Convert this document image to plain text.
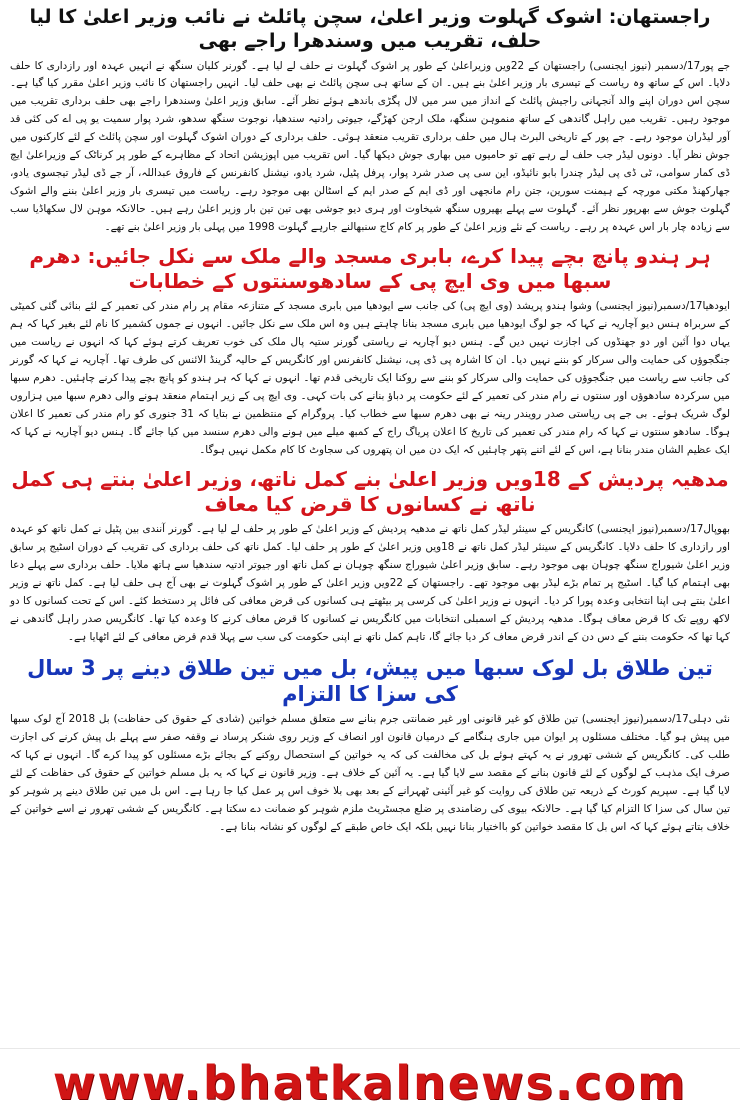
راجستھان: اشوک گہلوت وزیر اعلیٰ، سچن پائلٹ نے نائب وزیر اعلیٰ کا لیا حلف، تقریب میں وسندھرا راجے بھی

جے پور17/دسمبر (نیوز ایجنسی) راجستھان کے 22ویں وزیراعلیٰ کے طور پر اشوک گہلوت نے حلف لے لیا ہے۔ گورنر کلیان سنگھ نے انہیں عہدہ اور رازداری کا حلف دلایا۔ اس کے ساتھ وہ ریاست کے تیسری بار وزیر اعلیٰ بنے ہیں۔ ان کے ساتھ ہی سچن پائلٹ نے بھی حلف لیا۔ انہیں راجستھان کا نائب وزیر اعلیٰ مقرر کیا گیا ہے۔ سچن اس دوران اپنے والد آنجہانی راجیش پائلٹ کے انداز میں سر میں لال پگڑی باندھے ہوئے نظر آئے۔ سابق وزیر اعلیٰ وسندھرا راجے بھی حلف برداری تقریب میں موجود رہیں۔ تقریب میں راہل گاندھی کے ساتھ منموہن سنگھ، ملک ارجن کھڑگے، جیوتی رادتیہ سندھیا، نوجوت سنگھ سدھو، شرد پوار سمیت یو پی اے کی کئی قد آور لیڈران موجود رہے۔ جے پور کے تاریخی البرٹ ہال میں حلف برداری تقریب منعقد ہوئی۔ حلف برداری کے دوران اشوک گہلوت اور سچن پائلٹ کے لئے کارکنوں میں جوش نظر آیا۔ دونوں لیڈر جب حلف لے رہے تھے تو حامیوں میں بھاری جوش دیکھا گیا۔ اس تقریب میں اپوزیشن اتحاد کے مظاہرے کے طور پر کرناٹک کے وزیراعلیٰ ایچ ڈی کمار سوامی، ٹی ڈی پی لیڈر چندرا بابو نائیڈو، این سی پی صدر شرد پوار، پرفل پٹیل، شرد یادو، نیشنل کانفرنس کے فاروق عبداللہ، آر جے ڈی لیڈر تیجسوی یادو، جھارکھنڈ مکتی مورچہ کے ہیمنت سورین، جتن رام مانجھی اور ڈی ایم کے صدر ایم کے اسٹالن بھی موجود رہے۔ ریاست میں تیسری بار وزیر اعلیٰ بننے والے اشوک گہلوت جوش سے بھرپور نظر آئے۔ گہلوت سے پہلے بھیروں سنگھ شیخاوت اور ہری دیو جوشی بھی تین تین بار وزیر اعلیٰ رہے ہیں۔ حالانکہ موہن لال سکھاڈیا سب سے زیادہ چار بار اس عہدہ پر رہے۔ ریاست کے نئے وزیر اعلیٰ کے طور پر کام کاج سنبھالنے جارہے گہلوت 1998 میں پہلی بار وزیر اعلیٰ بنے تھے۔

ہر ہندو پانچ بچے پیدا کرے، بابری مسجد والے ملک سے نکل جائیں: دھرم سبھا میں وی ایچ پی کے سادھوسنتوں کے خطابات

ایودھیا17/دسمبر(نیوز ایجنسی) وشوا ہندو پریشد (وی ایچ پی) کی جانب سے ایودھیا میں بابری مسجد کے متنازعہ مقام پر رام مندر کی تعمیر کے لئے بنائی گئی کمیٹی کے سربراہ ہنس دیو آچاریہ نے کہا کہ جو لوگ ایودھیا میں بابری مسجد بنانا چاہتے ہیں وہ اس ملک سے نکل جائیں۔ انہوں نے جموں کشمیر کا نام لئے بغیر کہا کہ ہم یہاں دوا آئین اور دو جھنڈوں کی اجازت نہیں دیں گے۔ ہنس دیو آچاریہ نے ریاستی گورنر ستیہ پال ملک کی خوب تعریف کرتے ہوئے کہا کہ انہوں نے ریاست میں جنگجوؤں کی حمایت والی سرکار کو بننے نہیں دیا۔ ان کا اشارہ پی ڈی پی، نیشنل کانفرنس اور کانگریس کے حالیہ گرینڈ الائنس کی طرف تھا۔ آچاریہ نے کہا کہ گورنر کی جانب سے ریاست میں جنگجوؤں کی حمایت والی سرکار کو بننے سے روکنا ایک تاریخی قدم تھا۔ انہوں نے کہا کہ ہر ہندو کو پانچ بچے پیدا کرنے چاہئیں۔ دھرم سبھا میں سرکردہ سادھوؤں اور سنتوں نے رام مندر کی تعمیر کے لئے حکومت پر دباؤ بنانے کی بات کہی۔ وی ایچ پی کے زیر اہتمام منعقد ہونے والی دھرم سبھا میں ہزاروں لوگ شریک ہوئے۔ بی جے پی ریاستی صدر رویندر رینہ نے بھی دھرم سبھا سے خطاب کیا۔ پروگرام کے منتظمین نے بتایا کہ 31 جنوری کو رام مندر کی تعمیر کا اعلان ہوگا۔ سادھو سنتوں نے کہا کہ رام مندر کی تعمیر کی تاریخ کا اعلان پریاگ راج کے کمبھ میلے میں ہونے والی دھرم سنسد میں کیا جائے گا۔ ہنس دیو آچاریہ نے کہا کہ ایک عظیم الشان مندر بنانا ہے، اس کے لئے اتنے پتھر چاہئیں کہ ایک دن میں ان پتھروں کی سجاوٹ کا کام مکمل نہیں ہوگا۔

مدھیہ پردیش کے 18ویں وزیر اعلیٰ بنے کمل ناتھ، وزیر اعلیٰ بنتے ہی کمل ناتھ نے کسانوں کا قرض کیا معاف

بھوپال17/دسمبر(نیوز ایجنسی) کانگریس کے سینئر لیڈر کمل ناتھ نے مدھیہ پردیش کے وزیر اعلیٰ کے طور پر حلف لے لیا ہے۔ گورنر آنندی بین پٹیل نے کمل ناتھ کو عہدہ اور رازداری کا حلف دلایا۔ کانگریس کے سینئر لیڈر کمل ناتھ نے 18ویں وزیر اعلیٰ کے طور پر حلف لیا۔ کمل ناتھ کی حلف برداری کی تقریب کے دوران اسٹیج پر سابق وزیر اعلیٰ شیوراج سنگھ چوہان بھی موجود رہے۔ سابق وزیر اعلیٰ شیوراج سنگھ چوہان نے کمل ناتھ اور جیوتر ادتیہ سندھیا سے ہاتھ ملایا۔ حلف برداری سے پہلے دعا بھی اہتمام کیا گیا۔ اسٹیج پر تمام بڑے لیڈر بھی موجود تھے۔ راجستھان کے 22ویں وزیر اعلیٰ کے طور پر اشوک گہلوت نے بھی آج ہی حلف لیا ہے۔ کمل ناتھ نے وزیر اعلیٰ بنتے ہی اپنا انتخابی وعدہ پورا کر دیا۔ انہوں نے وزیر اعلیٰ کی کرسی پر بیٹھتے ہی کسانوں کی قرض معافی کی فائل پر دستخط کئے۔ اس کے تحت کسانوں کا دو لاکھ روپے تک کا قرض معاف ہوگا۔ مدھیہ پردیش کے اسمبلی انتخابات میں کانگریس نے کسانوں کا قرض معاف کرنے کا وعدہ کیا تھا۔ کانگریس صدر راہل گاندھی نے کہا تھا کہ حکومت بننے کے دس دن کے اندر قرض معاف کر دیا جائے گا، تاہم کمل ناتھ نے اپنی حکومت کی سب سے پہلا قدم قرض معافی کے لئے اٹھایا ہے۔

تین طلاق بل لوک سبھا میں پیش، بل میں تین طلاق دینے پر 3 سال کی سزا کا التزام

نئی دہلی17/دسمبر(نیوز ایجنسی) تین طلاق کو غیر قانونی اور غیر ضمانتی جرم بنانے سے متعلق مسلم خواتین (شادی کے حقوق کی حفاظت) بل 2018 آج لوک سبھا میں پیش ہو گیا۔ مختلف مسئلوں پر ایوان میں جاری ہنگامے کے درمیان قانون اور انصاف کے وزیر روی شنکر پرساد نے وقفہ صفر سے پہلے بل پیش کرنے کی اجازت طلب کی۔ کانگریس کے ششی تھرور نے یہ کہتے ہوئے بل کی مخالفت کی کہ یہ خواتین کے استحصال روکنے کے بجائے بڑے مسئلوں کو پیدا کرے گا۔ انہوں نے کہا کہ صرف ایک مذہب کے لوگوں کے لئے قانون بنانے کے مقصد سے لایا گیا ہے۔ یہ آئین کے خلاف ہے۔ وزیر قانون نے کہا کہ یہ بل مسلم خواتین کے حقوق کی حفاظت کے لئے لایا گیا ہے۔ سپریم کورٹ کے ذریعہ تین طلاق کی روایت کو غیر آئینی ٹھہرانے کے بعد بھی بلا خوف اس پر عمل کیا جا رہا ہے۔ اس بل میں تین طلاق دینے پر شوہر کو تین سال کی سزا کا التزام کیا گیا ہے۔ حالانکہ بیوی کی رضامندی پر ضلع مجسٹریٹ ملزم شوہر کو ضمانت دے سکتا ہے۔ کانگریس کے ششی تھرور نے اسے خواتین کے خلاف بتاتے ہوئے کہا کہ اس بل کا مقصد خواتین کو بااختیار بنانا نہیں بلکہ ایک خاص طبقے کے لوگوں کو نشانہ بنانا ہے۔

www.bhatkalnews.com
